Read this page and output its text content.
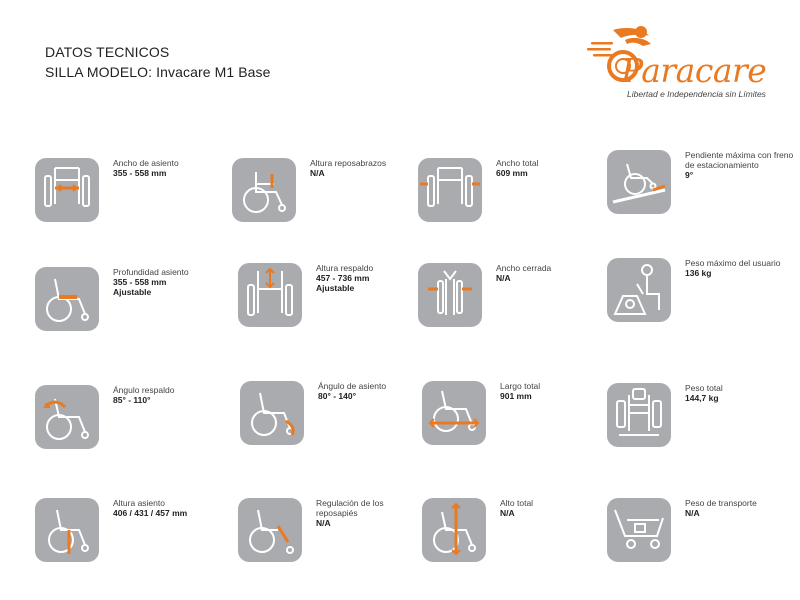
DATOS TECNICOS
SILLA MODELO: Invacare M1 Base	Paracare
Libertad e Independencia sin Límites
Ancho de asiento
355 - 558 mm
Altura reposabrazos
N/A
Ancho total
609 mm
Pendiente máxima con freno de estacionamiento
9°
Profundidad asiento
355 - 558 mm
Ajustable
Altura respaldo
457 - 736 mm
Ajustable
Ancho cerrada
N/A
Peso máximo del usuario
136 kg
Ángulo respaldo
85° - 110°
Ángulo de asiento
80° - 140°
Largo total
901 mm
Peso total
144,7 kg
Altura asiento
406 / 431 / 457 mm
Regulación de los reposapiés
N/A
Alto total
N/A
Peso de transporte
N/A
